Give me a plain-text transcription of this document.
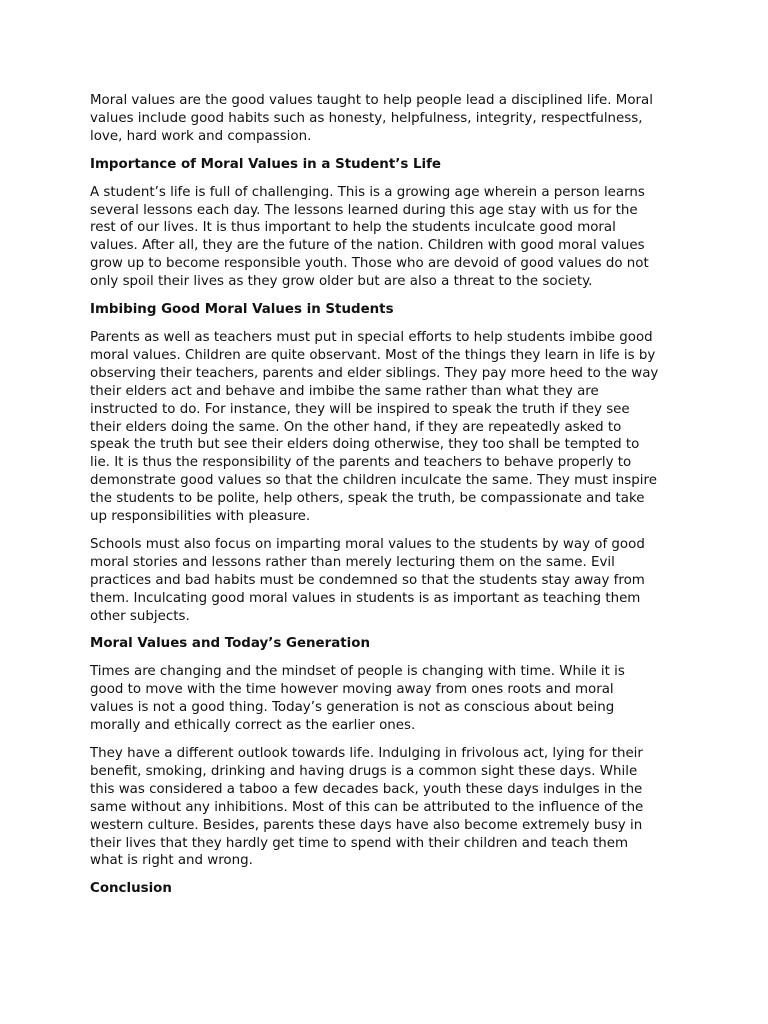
Moral values are the good values taught to help people lead a disciplined life. Moral
values include good habits such as honesty, helpfulness, integrity, respectfulness,
love, hard work and compassion.

Importance of Moral Values in a Student’s Life

A student’s life is full of challenging. This is a growing age wherein a person learns
several lessons each day. The lessons learned during this age stay with us for the
rest of our lives. It is thus important to help the students inculcate good moral
values. After all, they are the future of the nation. Children with good moral values
grow up to become responsible youth. Those who are devoid of good values do not
only spoil their lives as they grow older but are also a threat to the society.

Imbibing Good Moral Values in Students

Parents as well as teachers must put in special efforts to help students imbibe good
moral values. Children are quite observant. Most of the things they learn in life is by
observing their teachers, parents and elder siblings. They pay more heed to the way
their elders act and behave and imbibe the same rather than what they are
instructed to do. For instance, they will be inspired to speak the truth if they see
their elders doing the same. On the other hand, if they are repeatedly asked to
speak the truth but see their elders doing otherwise, they too shall be tempted to
lie. It is thus the responsibility of the parents and teachers to behave properly to
demonstrate good values so that the children inculcate the same. They must inspire
the students to be polite, help others, speak the truth, be compassionate and take
up responsibilities with pleasure.

Schools must also focus on imparting moral values to the students by way of good
moral stories and lessons rather than merely lecturing them on the same. Evil
practices and bad habits must be condemned so that the students stay away from
them. Inculcating good moral values in students is as important as teaching them
other subjects.

Moral Values and Today’s Generation

Times are changing and the mindset of people is changing with time. While it is
good to move with the time however moving away from ones roots and moral
values is not a good thing. Today’s generation is not as conscious about being
morally and ethically correct as the earlier ones.

They have a different outlook towards life. Indulging in frivolous act, lying for their
benefit, smoking, drinking and having drugs is a common sight these days. While
this was considered a taboo a few decades back, youth these days indulges in the
same without any inhibitions. Most of this can be attributed to the influence of the
western culture. Besides, parents these days have also become extremely busy in
their lives that they hardly get time to spend with their children and teach them
what is right and wrong.

Conclusion
